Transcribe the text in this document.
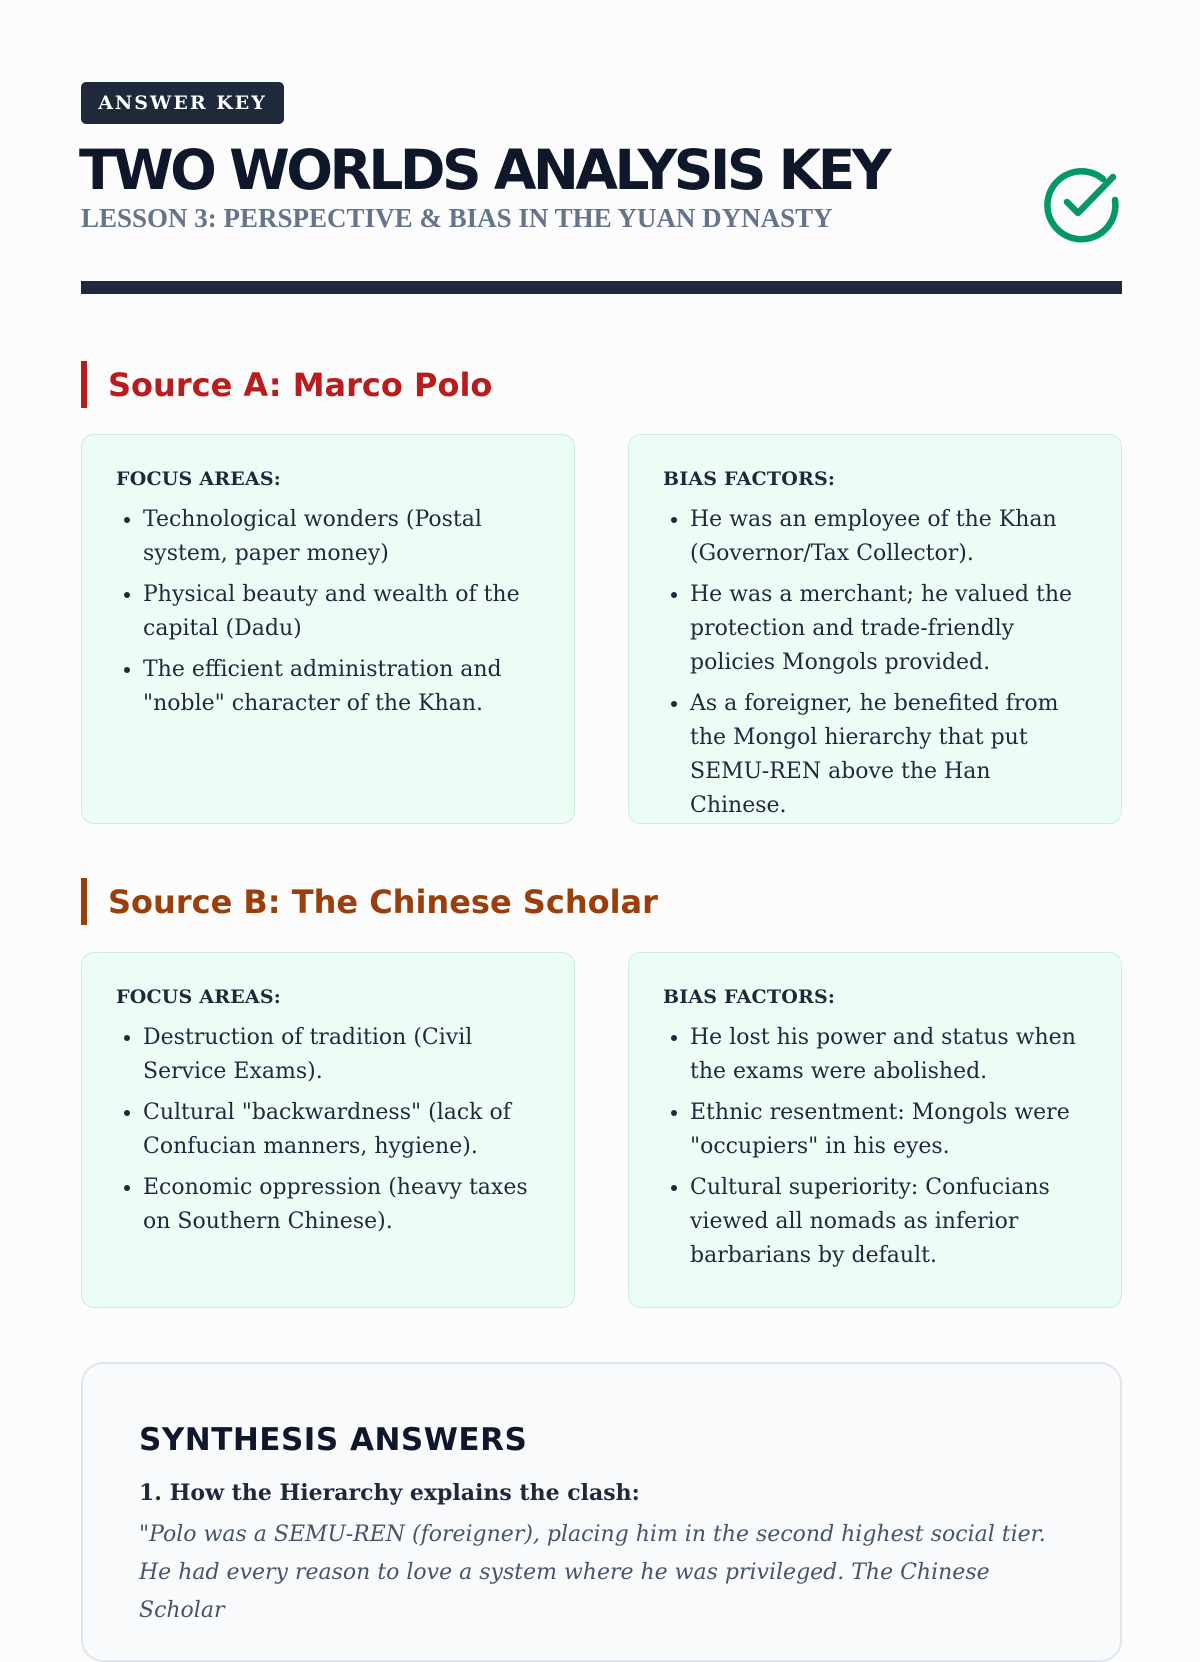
ANSWER KEY
TWO WORLDS ANALYSIS KEY
LESSON 3: PERSPECTIVE & BIAS IN THE YUAN DYNASTY
Source A: Marco Polo
FOCUS AREAS:
• Technological wonders (Postal system, paper money)
• Physical beauty and wealth of the capital (Dadu)
• The efficient administration and "noble" character of the Khan.
BIAS FACTORS:
• He was an employee of the Khan (Governor/Tax Collector).
• He was a merchant; he valued the protection and trade-friendly policies Mongols provided.
• As a foreigner, he benefited from the Mongol hierarchy that put SEMU-REN above the Han Chinese.
Source B: The Chinese Scholar
FOCUS AREAS:
• Destruction of tradition (Civil Service Exams).
• Cultural "backwardness" (lack of Confucian manners, hygiene).
• Economic oppression (heavy taxes on Southern Chinese).
BIAS FACTORS:
• He lost his power and status when the exams were abolished.
• Ethnic resentment: Mongols were "occupiers" in his eyes.
• Cultural superiority: Confucians viewed all nomads as inferior barbarians by default.
SYNTHESIS ANSWERS
1. How the Hierarchy explains the clash:
"Polo was a SEMU-REN (foreigner), placing him in the second highest social tier. He had every reason to love a system where he was privileged. The Chinese Scholar
